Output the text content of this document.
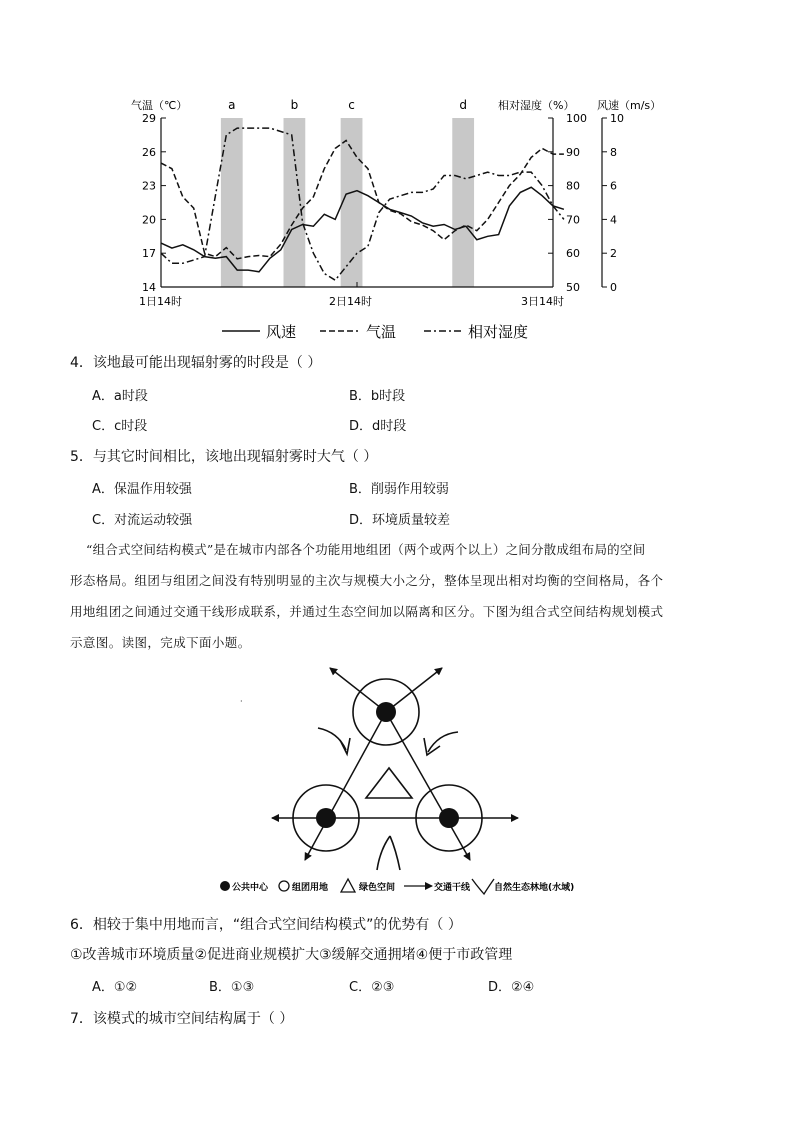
a	b	c	d
14
17
20
23
26
29
50
60
70
80
90
100
0
2
4
6
8
10
气温（℃）	相对湿度（%） 风速（m/s）
1日14时	2日14时	3日14时
风速	气温	相对湿度
4．该地最可能出现辐射雾的时段是（ ）
A．a时段	B．b时段
C．c时段	D．d时段
5．与其它时间相比，该地出现辐射雾时大气（ ）
A．保温作用较强	B．削弱作用较弱
C．对流运动较强	D．环境质量较差
“组合式空间结构模式”是在城市内部各个功能用地组团（两个或两个以上）之间分散成组布局的空间
形态格局。组团与组团之间没有特别明显的主次与规模大小之分，整体呈现出相对均衡的空间格局，各个
用地组团之间通过交通干线形成联系，并通过生态空间加以隔离和区分。下图为组合式空间结构规划模式
示意图。读图，完成下面小题。
·
公共中心	组团用地	绿色空间	交通干线	自然生态林地(水域)
6．相较于集中用地而言，“组合式空间结构模式”的优势有（ ）
①改善城市环境质量②促进商业规模扩大③缓解交通拥堵④便于市政管理
A．①②	B．①③	C．②③	D．②④
7．该模式的城市空间结构属于（ ）
